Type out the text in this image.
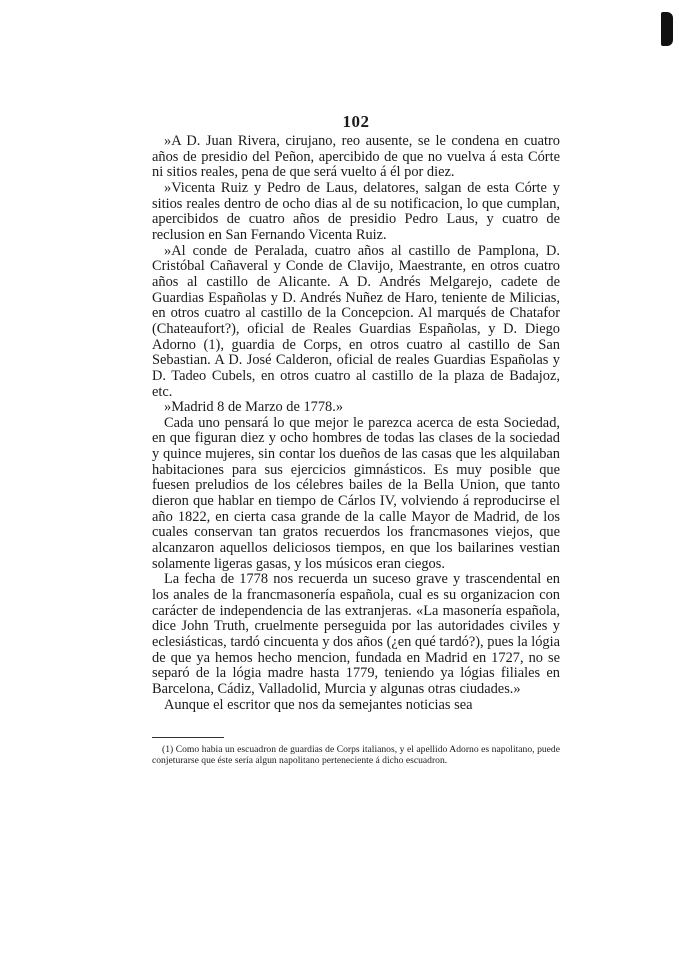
102

»A D. Juan Rivera, cirujano, reo ausente, se le condena en cuatro años de presidio del Peñon, apercibido de que no vuelva á esta Córte ni sitios reales, pena de que será vuelto á él por diez.

»Vicenta Ruiz y Pedro de Laus, delatores, salgan de esta Córte y sitios reales dentro de ocho dias al de su notificacion, lo que cumplan, apercibidos de cuatro años de presidio Pedro Laus, y cuatro de reclusion en San Fernando Vicenta Ruiz.

»Al conde de Peralada, cuatro años al castillo de Pamplona, D. Cristóbal Cañaveral y Conde de Clavijo, Maestrante, en otros cuatro años al castillo de Alicante. A D. Andrés Melgarejo, cadete de Guardias Españolas y D. Andrés Nuñez de Haro, teniente de Milicias, en otros cuatro al castillo de la Concepcion. Al marqués de Chatafor (Chateaufort?), oficial de Reales Guardias Españolas, y D. Diego Adorno (1), guardia de Corps, en otros cuatro al castillo de San Sebastian. A D. José Calderon, oficial de reales Guardias Españolas y D. Tadeo Cubels, en otros cuatro al castillo de la plaza de Badajoz, etc.

»Madrid 8 de Marzo de 1778.»

Cada uno pensará lo que mejor le parezca acerca de esta Sociedad, en que figuran diez y ocho hombres de todas las clases de la sociedad y quince mujeres, sin contar los dueños de las casas que les alquilaban habitaciones para sus ejercicios gimnásticos. Es muy posible que fuesen preludios de los célebres bailes de la Bella Union, que tanto dieron que hablar en tiempo de Cárlos IV, volviendo á reproducirse el año 1822, en cierta casa grande de la calle Mayor de Madrid, de los cuales conservan tan gratos recuerdos los francmasones viejos, que alcanzaron aquellos deliciosos tiempos, en que los bailarines vestian solamente ligeras gasas, y los músicos eran ciegos.

La fecha de 1778 nos recuerda un suceso grave y trascendental en los anales de la francmasonería española, cual es su organizacion con carácter de independencia de las extranjeras. «La masonería española, dice John Truth, cruelmente perseguida por las autoridades civiles y eclesiásticas, tardó cincuenta y dos años (¿en qué tardó?), pues la lógia de que ya hemos hecho mencion, fundada en Madrid en 1727, no se separó de la lógia madre hasta 1779, teniendo ya lógias filiales en Barcelona, Cádiz, Valladolid, Murcia y algunas otras ciudades.»

Aunque el escritor que nos da semejantes noticias sea

(1) Como habia un escuadron de guardias de Corps italianos, y el apellido Adorno es napolitano, puede conjeturarse que éste sería algun napolitano perteneciente á dicho escuadron.
